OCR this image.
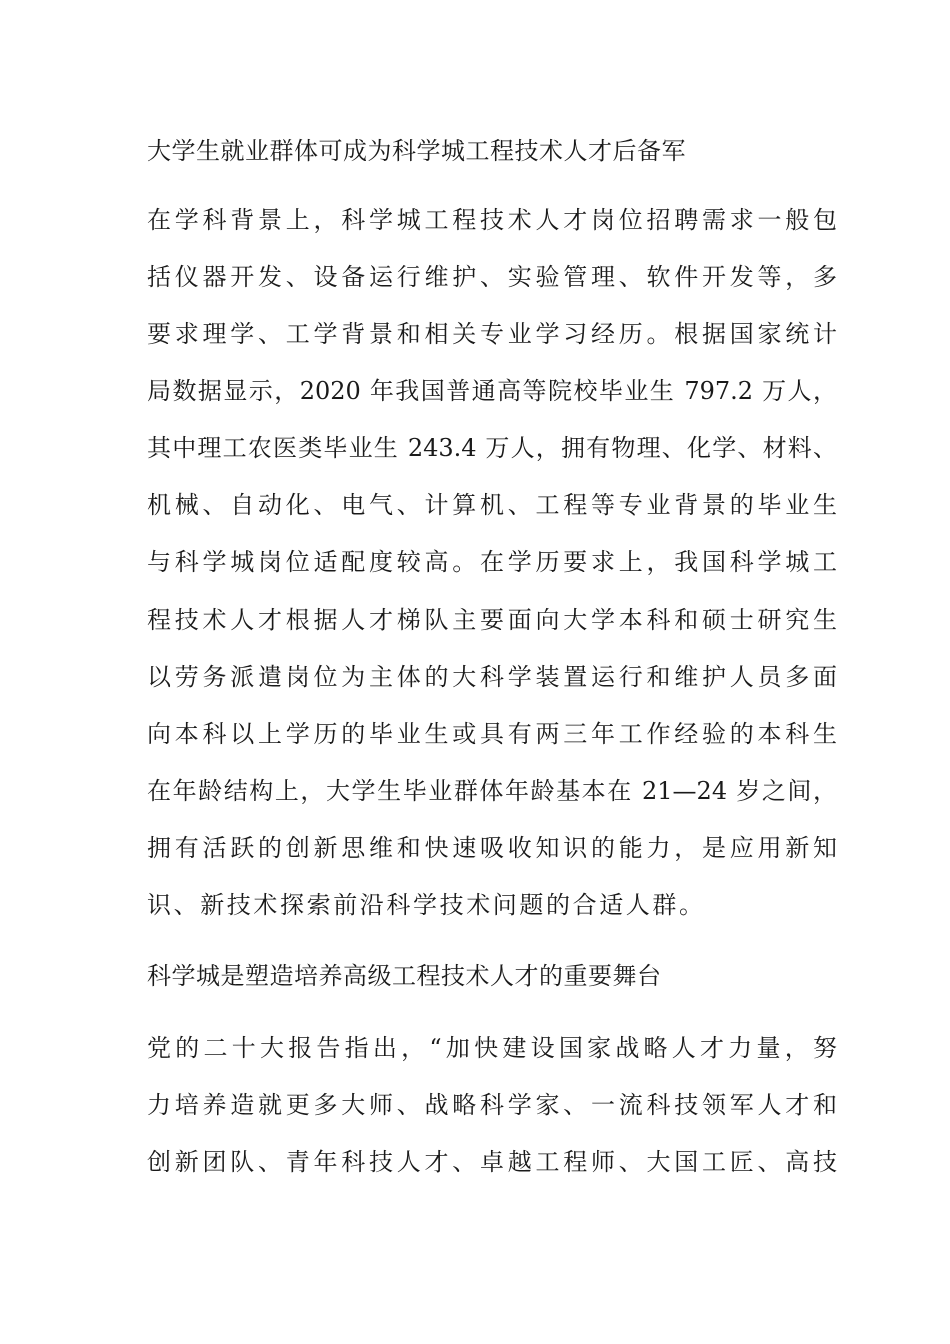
大学生就业群体可成为科学城工程技术人才后备军
在学科背景上，科学城工程技术人才岗位招聘需求一般包
括仪器开发、设备运行维护、实验管理、软件开发等，多
要求理学、工学背景和相关专业学习经历。根据国家统计
局数据显示，2020 年我国普通高等院校毕业生 797.2 万人，
其中理工农医类毕业生 243.4 万人，拥有物理、化学、材料、
机械、自动化、电气、计算机、工程等专业背景的毕业生
与科学城岗位适配度较高。在学历要求上，我国科学城工
程技术人才根据人才梯队主要面向大学本科和硕士研究生
以劳务派遣岗位为主体的大科学装置运行和维护人员多面
向本科以上学历的毕业生或具有两三年工作经验的本科生
在年龄结构上，大学生毕业群体年龄基本在 21—24 岁之间，
拥有活跃的创新思维和快速吸收知识的能力，是应用新知
识、新技术探索前沿科学技术问题的合适人群。
科学城是塑造培养高级工程技术人才的重要舞台
党的二十大报告指出，“加快建设国家战略人才力量，努
力培养造就更多大师、战略科学家、一流科技领军人才和
创新团队、青年科技人才、卓越工程师、大国工匠、高技
